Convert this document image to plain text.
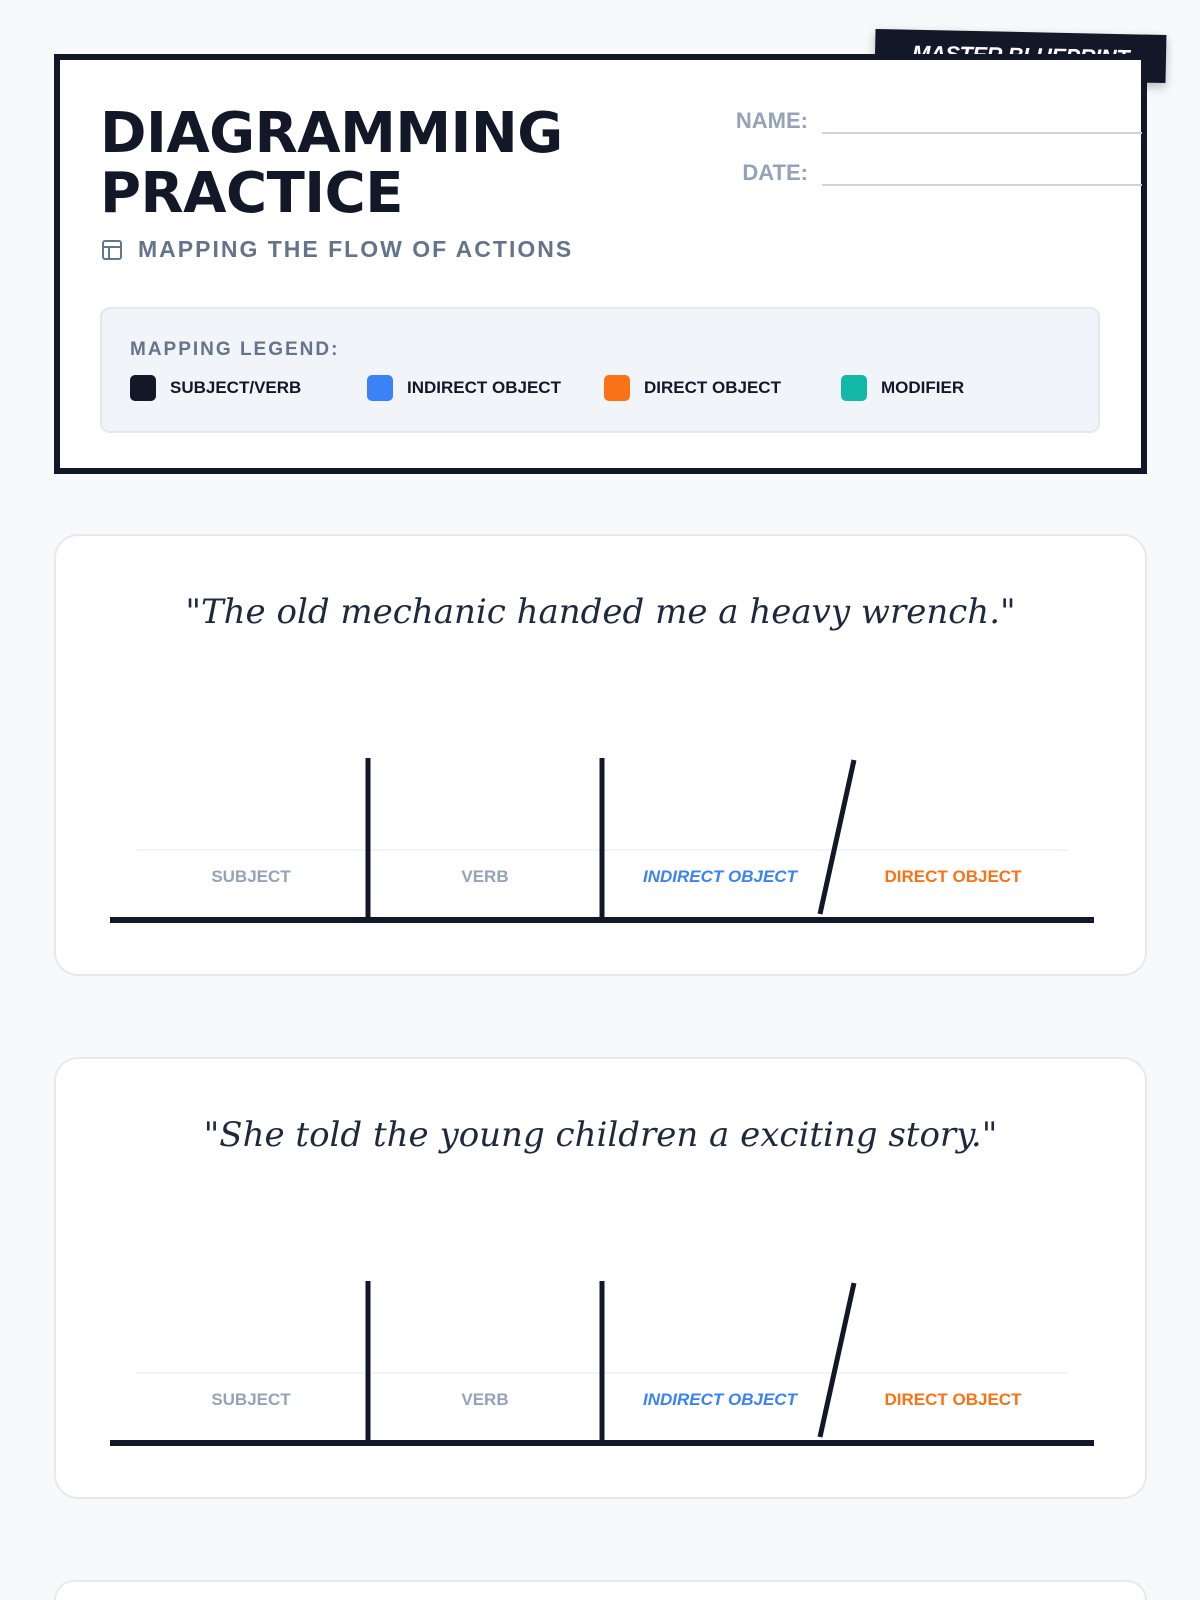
DIAGRAMMING
PRACTICE
MAPPING THE FLOW OF ACTIONS
NAME:
DATE:
MAPPING LEGEND:
SUBJECT/VERB	INDIRECT OBJECT	DIRECT OBJECT	MODIFIER

"The old mechanic handed me a heavy wrench."

SUBJECT	VERB	INDIRECT OBJECT	DIRECT OBJECT

"She told the young children a exciting story."

SUBJECT	VERB	INDIRECT OBJECT	DIRECT OBJECT
